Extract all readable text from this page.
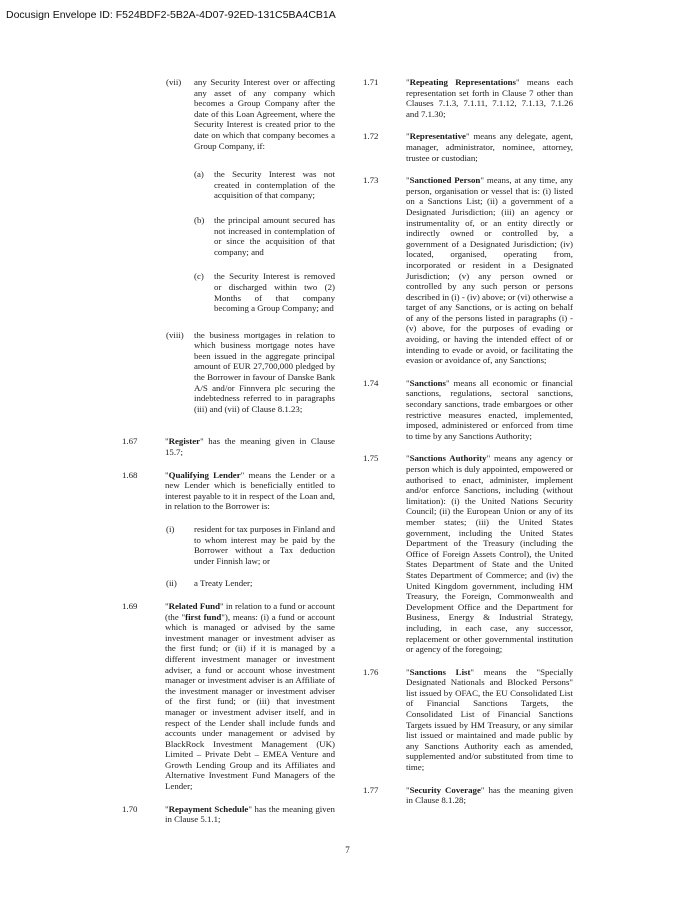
Docusign Envelope ID: F524BDF2-5B2A-4D07-92ED-131C5BA4CB1A
(vii) any Security Interest over or affecting any asset of any company which becomes a Group Company after the date of this Loan Agreement, where the Security Interest is created prior to the date on which that company becomes a Group Company, if:
(a) the Security Interest was not created in contemplation of the acquisition of that company;
(b) the principal amount secured has not increased in contemplation of or since the acquisition of that company; and
(c) the Security Interest is removed or discharged within two (2) Months of that company becoming a Group Company; and
(viii) the business mortgages in relation to which business mortgage notes have been issued in the aggregate principal amount of EUR 27,700,000 pledged by the Borrower in favour of Danske Bank A/S and/or Finnvera plc securing the indebtedness referred to in paragraphs (iii) and (vii) of Clause 8.1.23;
1.67	"Register" has the meaning given in Clause 15.7;
1.68	"Qualifying Lender" means the Lender or a new Lender which is beneficially entitled to interest payable to it in respect of the Loan and, in relation to the Borrower is:
(i) resident for tax purposes in Finland and to whom interest may be paid by the Borrower without a Tax deduction under Finnish law; or
(ii) a Treaty Lender;
1.69	"Related Fund" in relation to a fund or account (the "first fund"), means: (i) a fund or account which is managed or advised by the same investment manager or investment adviser as the first fund; or (ii) if it is managed by a different investment manager or investment adviser, a fund or account whose investment manager or investment adviser is an Affiliate of the investment manager or investment adviser of the first fund; or (iii) that investment manager or investment adviser itself, and in respect of the Lender shall include funds and accounts under management or advised by BlackRock Investment Management (UK) Limited – Private Debt – EMEA Venture and Growth Lending Group and its Affiliates and Alternative Investment Fund Managers of the Lender;
1.70	"Repayment Schedule" has the meaning given in Clause 5.1.1;
1.71	"Repeating Representations" means each representation set forth in Clause 7 other than Clauses 7.1.3, 7.1.11, 7.1.12, 7.1.13, 7.1.26 and 7.1.30;
1.72	"Representative" means any delegate, agent, manager, administrator, nominee, attorney, trustee or custodian;
1.73	"Sanctioned Person" means, at any time, any person, organisation or vessel that is: (i) listed on a Sanctions List; (ii) a government of a Designated Jurisdiction; (iii) an agency or instrumentality of, or an entity directly or indirectly owned or controlled by, a government of a Designated Jurisdiction; (iv) located, organised, operating from, incorporated or resident in a Designated Jurisdiction; (v) any person owned or controlled by any such person or persons described in (i) - (iv) above; or (vi) otherwise a target of any Sanctions, or is acting on behalf of any of the persons listed in paragraphs (i) - (v) above, for the purposes of evading or avoiding, or having the intended effect of or intending to evade or avoid, or facilitating the evasion or avoidance of, any Sanctions;
1.74	"Sanctions" means all economic or financial sanctions, regulations, sectoral sanctions, secondary sanctions, trade embargoes or other restrictive measures enacted, implemented, imposed, administered or enforced from time to time by any Sanctions Authority;
1.75	"Sanctions Authority" means any agency or person which is duly appointed, empowered or authorised to enact, administer, implement and/or enforce Sanctions, including (without limitation): (i) the United Nations Security Council; (ii) the European Union or any of its member states; (iii) the United States government, including the United States Department of the Treasury (including the Office of Foreign Assets Control), the United States Department of State and the United States Department of Commerce; and (iv) the United Kingdom government, including HM Treasury, the Foreign, Commonwealth and Development Office and the Department for Business, Energy & Industrial Strategy, including, in each case, any successor, replacement or other governmental institution or agency of the foregoing;
1.76	"Sanctions List" means the "Specially Designated Nationals and Blocked Persons" list issued by OFAC, the EU Consolidated List of Financial Sanctions Targets, the Consolidated List of Financial Sanctions Targets issued by HM Treasury, or any similar list issued or maintained and made public by any Sanctions Authority each as amended, supplemented and/or substituted from time to time;
1.77	"Security Coverage" has the meaning given in Clause 8.1.28;
7
